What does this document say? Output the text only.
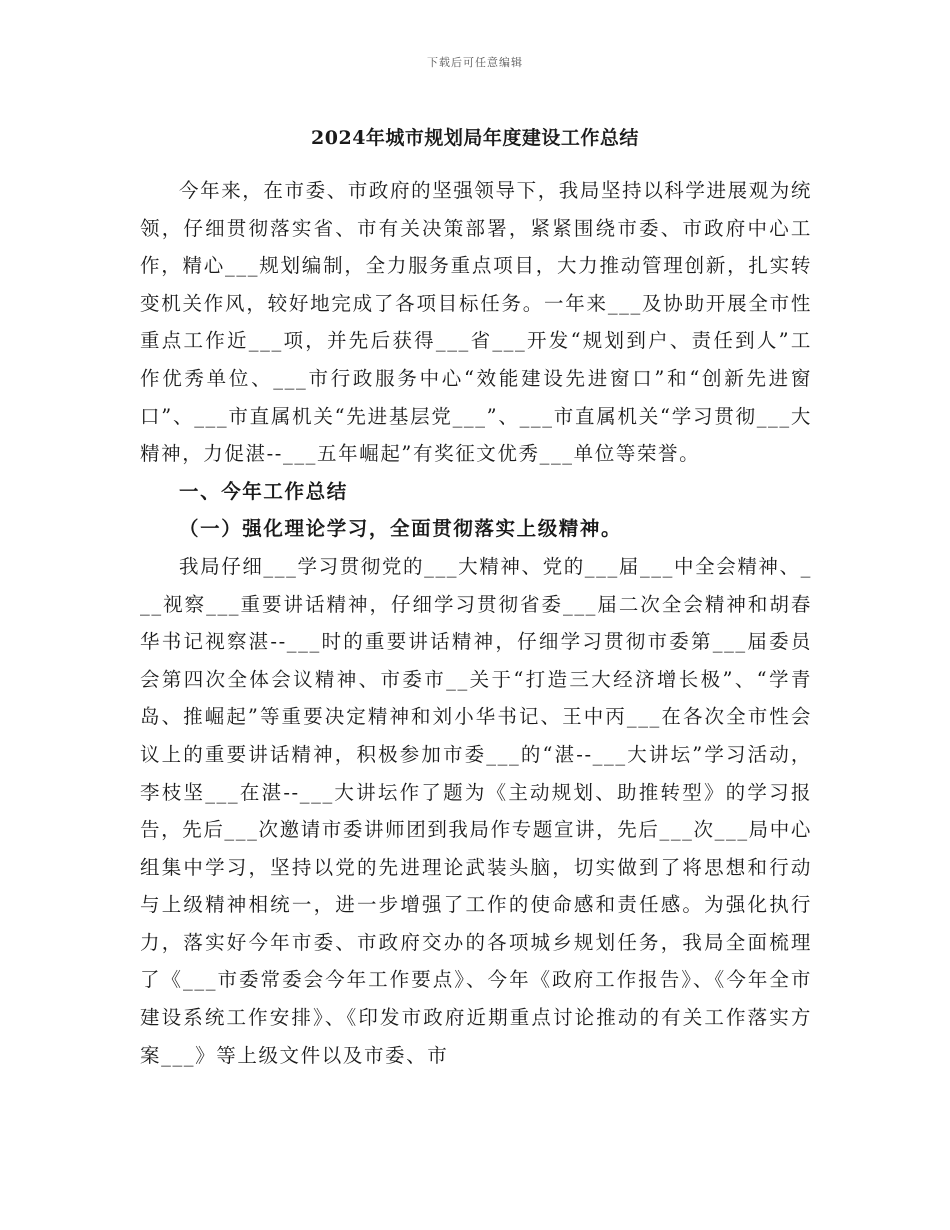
下载后可任意编辑
2024年城市规划局年度建设工作总结

今年来，在市委、市政府的坚强领导下，我局坚持以科学进展观为统领，仔细贯彻落实省、市有关决策部署，紧紧围绕市委、市政府中心工作，精心___规划编制，全力服务重点项目，大力推动管理创新，扎实转变机关作风，较好地完成了各项目标任务。一年来___及协助开展全市性重点工作近___项，并先后获得___省___开发“规划到户、责任到人”工作优秀单位、___市行政服务中心“效能建设先进窗口”和“创新先进窗口”、___市直属机关“先进基层党___”、___市直属机关“学习贯彻___大精神，力促湛--___五年崛起”有奖征文优秀___单位等荣誉。

一、今年工作总结

（一）强化理论学习，全面贯彻落实上级精神。

我局仔细___学习贯彻党的___大精神、党的___届___中全会精神、___视察___重要讲话精神，仔细学习贯彻省委___届二次全会精神和胡春华书记视察湛--___时的重要讲话精神，仔细学习贯彻市委第___届委员会第四次全体会议精神、市委市__关于“打造三大经济增长极”、“学青岛、推崛起”等重要决定精神和刘小华书记、王中丙___在各次全市性会议上的重要讲话精神，积极参加市委___的“湛--___大讲坛”学习活动，李枝坚___在湛--___大讲坛作了题为《主动规划、助推转型》的学习报告，先后___次邀请市委讲师团到我局作专题宣讲，先后___次___局中心组集中学习，坚持以党的先进理论武装头脑，切实做到了将思想和行动与上级精神相统一，进一步增强了工作的使命感和责任感。为强化执行力，落实好今年市委、市政府交办的各项城乡规划任务，我局全面梳理了《___市委常委会今年工作要点》、今年《政府工作报告》、《今年全市建设系统工作安排》、《印发市政府近期重点讨论推动的有关工作落实方案___》等上级文件以及市委、市
